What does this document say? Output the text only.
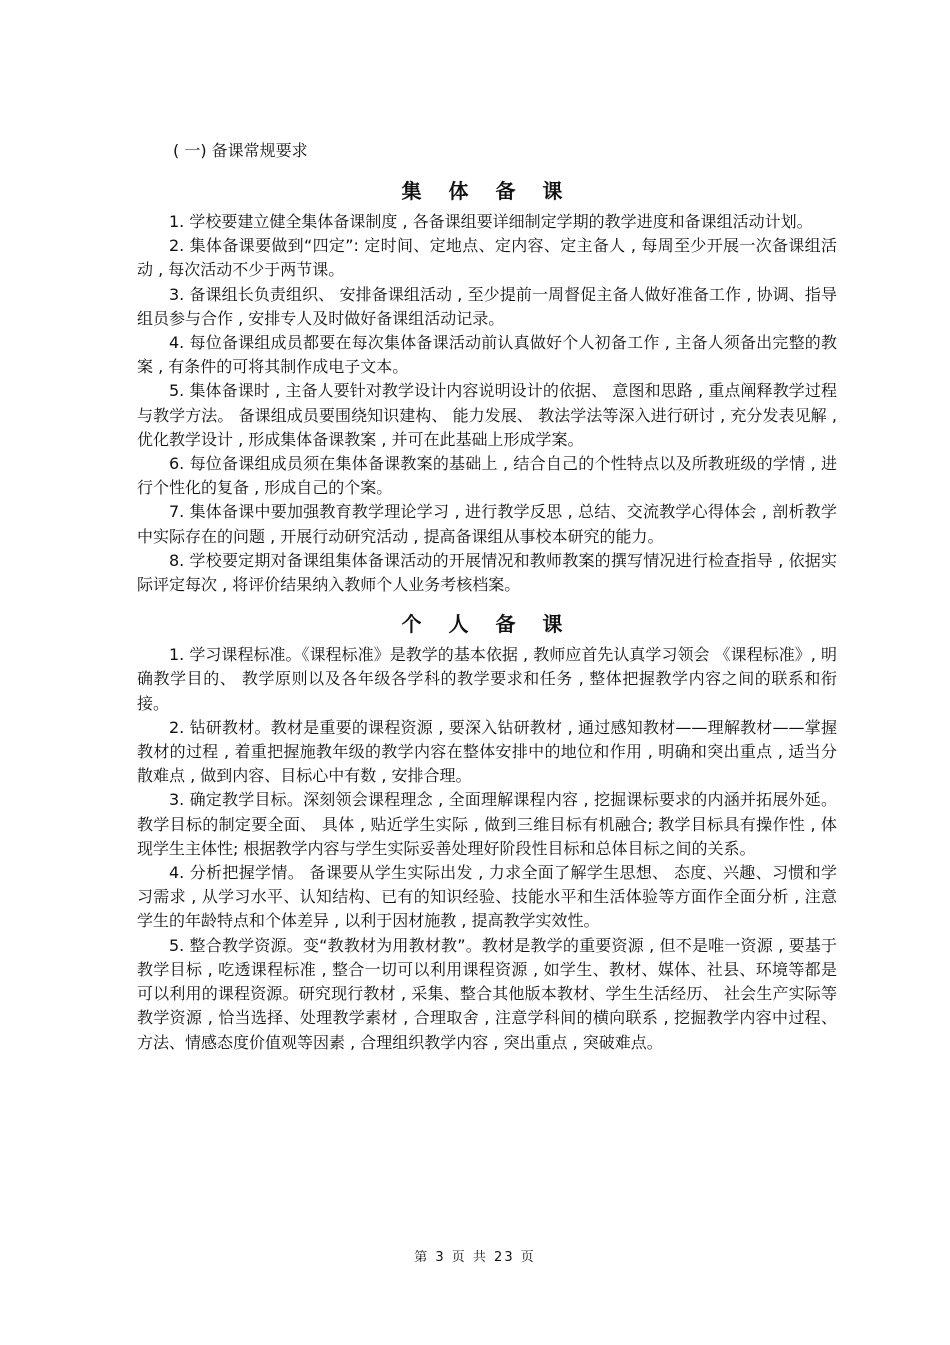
( 一) 备课常规要求

集 体 备 课

1. 学校要建立健全集体备课制度 , 各备课组要详细制定学期的教学进度和备课组活动计划。

2. 集体备课要做到“四定”: 定时间、定地点、定内容、定主备人 , 每周至少开展一次备课组活动 , 每次活动不少于两节课。

3. 备课组长负责组织、 安排备课组活动 , 至少提前一周督促主备人做好准备工作 , 协调、指导组员参与合作 , 安排专人及时做好备课组活动记录。

4. 每位备课组成员都要在每次集体备课活动前认真做好个人初备工作 , 主备人须备出完整的教案 , 有条件的可将其制作成电子文本。

5. 集体备课时 , 主备人要针对教学设计内容说明设计的依据、 意图和思路 , 重点阐释教学过程与教学方法。 备课组成员要围绕知识建构、 能力发展、 教法学法等深入进行研讨 , 充分发表见解 , 优化教学设计 , 形成集体备课教案 , 并可在此基础上形成学案。

6. 每位备课组成员须在集体备课教案的基础上 , 结合自己的个性特点以及所教班级的学情 , 进行个性化的复备 , 形成自己的个案。

7. 集体备课中要加强教育教学理论学习 , 进行教学反思 , 总结、交流教学心得体会 , 剖析教学中实际存在的问题 , 开展行动研究活动 , 提高备课组从事校本研究的能力。

8. 学校要定期对备课组集体备课活动的开展情况和教师教案的撰写情况进行检查指导 , 依据实际评定每次 , 将评价结果纳入教师个人业务考核档案。

个 人 备 课

1. 学习课程标准。《课程标准》是教学的基本依据 , 教师应首先认真学习领会 《课程标准》, 明确教学目的、 教学原则以及各年级各学科的教学要求和任务 , 整体把握教学内容之间的联系和衔接。

2. 钻研教材。教材是重要的课程资源 , 要深入钻研教材 , 通过感知教材——理解教材——掌握教材的过程 , 着重把握施教年级的教学内容在整体安排中的地位和作用 , 明确和突出重点 , 适当分散难点 , 做到内容、目标心中有数 , 安排合理。

3. 确定教学目标。深刻领会课程理念 , 全面理解课程内容 , 挖掘课标要求的内涵并拓展外延。 教学目标的制定要全面、 具体 , 贴近学生实际 , 做到三维目标有机融合; 教学目标具有操作性 , 体现学生主体性; 根据教学内容与学生实际妥善处理好阶段性目标和总体目标之间的关系。

4. 分析把握学情。 备课要从学生实际出发 , 力求全面了解学生思想、 态度、兴趣、习惯和学习需求 , 从学习水平、认知结构、已有的知识经验、技能水平和生活体验等方面作全面分析 , 注意学生的年龄特点和个体差异 , 以利于因材施教 , 提高教学实效性。

5. 整合教学资源。变“教教材为用教材教”。教材是教学的重要资源 , 但不是唯一资源 , 要基于教学目标 , 吃透课程标准 , 整合一切可以利用课程资源 , 如学生、教材、媒体、社县、环境等都是可以利用的课程资源。研究现行教材 , 采集、整合其他版本教材、学生生活经历、 社会生产实际等教学资源 , 恰当选择、处理教学素材 , 合理取舍 , 注意学科间的横向联系 , 挖掘教学内容中过程、 方法、情感态度价值观等因素 , 合理组织教学内容 , 突出重点 , 突破难点。

第 3 页 共 23 页
